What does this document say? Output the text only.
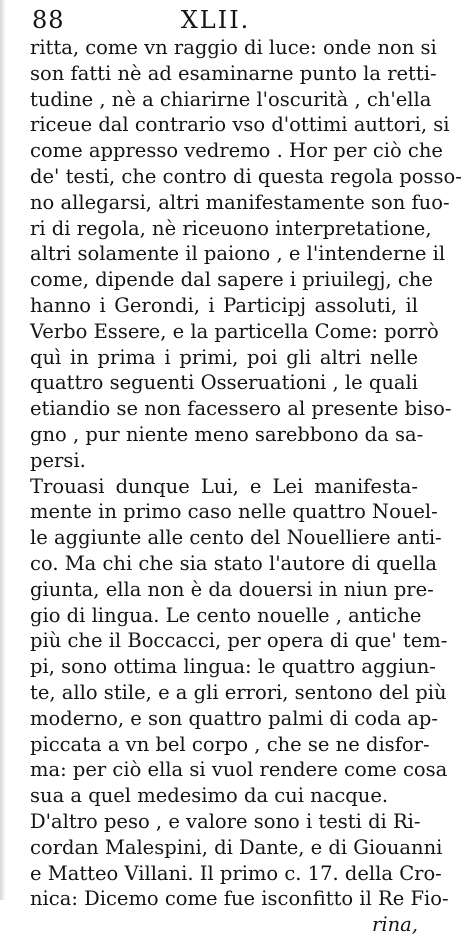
88	XLII.
ritta, come vn raggio di luce: onde non si
son fatti nè ad esaminarne punto la retti-
tudine , nè a chiarirne l'oscurità , ch'ella
riceue dal contrario vso d'ottimi auttori, si
come appresso vedremo . Hor per ciò che
de' testi, che contro di questa regola posso-
no allegarsi, altri manifestamente son fuo-
ri di regola, nè riceuono interpretatione,
altri solamente il paiono , e l'intenderne il
come, dipende dal sapere i priuilegj, che
hanno i Gerondi, i Participj assoluti, il
Verbo Essere, e la particella Come: porrò
quì in prima i primi, poi gli altri nelle
quattro seguenti Osseruationi , le quali
etiandio se non facessero al presente biso-
gno , pur niente meno sarebbono da sa-
persi.
Trouasi dunque Lui, e Lei manifesta-
mente in primo caso nelle quattro Nouel-
le aggiunte alle cento del Nouelliere anti-
co. Ma chi che sia stato l'autore di quella
giunta, ella non è da douersi in niun pre-
gio di lingua. Le cento nouelle , antiche
più che il Boccacci, per opera di que' tem-
pi, sono ottima lingua: le quattro aggiun-
te, allo stile, e a gli errori, sentono del più
moderno, e son quattro palmi di coda ap-
piccata a vn bel corpo , che se ne disfor-
ma: per ciò ella si vuol rendere come cosa
sua a quel medesimo da cui nacque.
D'altro peso , e valore sono i testi di Ri-
cordan Malespini, di Dante, e di Giouanni
e Matteo Villani. Il primo c. 17. della Cro-
nica: Dicemo come fue isconfitto il Re Fio-
rina,
